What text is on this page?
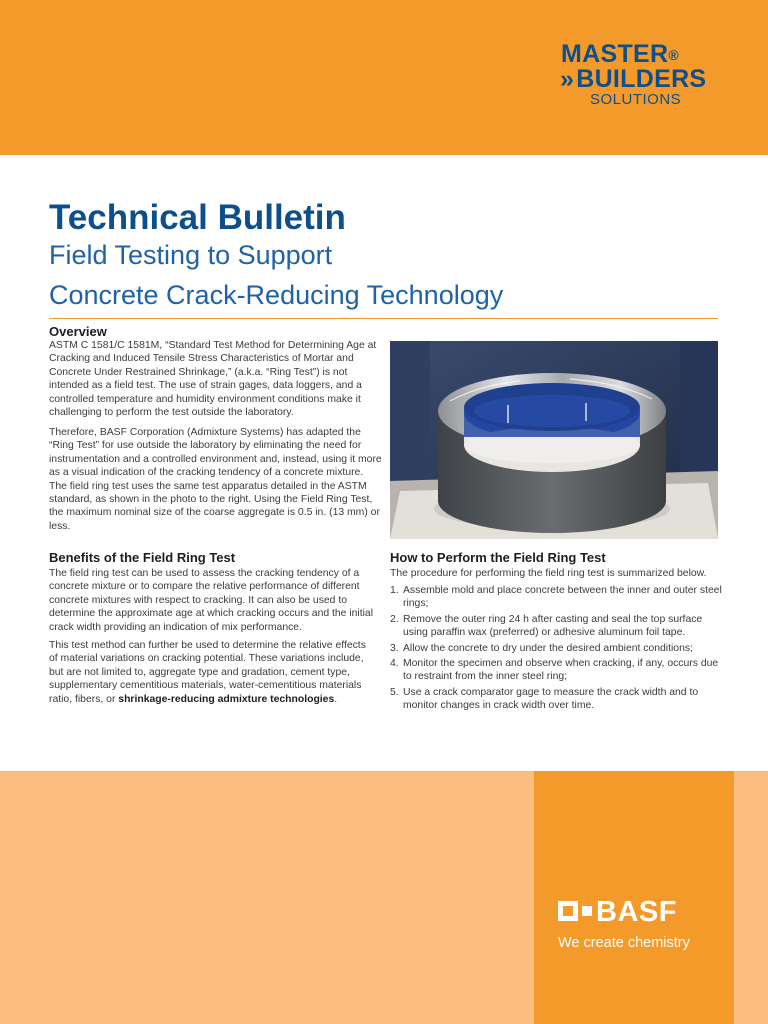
MASTER®
»BUILDERS
SOLUTIONS
Technical Bulletin
Field Testing to Support
Concrete Crack-Reducing Technology
Overview
ASTM C 1581/C 1581M, “Standard Test Method for Determining Age at Cracking and Induced Tensile Stress Characteristics of Mortar and Concrete Under Restrained Shrinkage,” (a.k.a. “Ring Test”) is not intended as a field test. The use of strain gages, data loggers, and a controlled temperature and humidity environment conditions make it challenging to perform the test outside the laboratory.
Therefore, BASF Corporation (Admixture Systems) has adapted the “Ring Test” for use outside the laboratory by eliminating the need for instrumentation and a controlled environment and, instead, using it more as a visual indication of the cracking tendency of a concrete mixture. The field ring test uses the same test apparatus detailed in the ASTM standard, as shown in the photo to the right. Using the Field Ring Test, the maximum nominal size of the coarse aggregate is 0.5 in. (13 mm) or less.
Benefits of the Field Ring Test
The field ring test can be used to assess the cracking tendency of a concrete mixture or to compare the relative performance of different concrete mixtures with respect to cracking. It can also be used to determine the approximate age at which cracking occurs and the initial crack width providing an indication of mix performance.
This test method can further be used to determine the relative effects of material variations on cracking potential. These variations include, but are not limited to, aggregate type and gradation, cement type, supplementary cementitious materials, water-cementitious materials ratio, fibers, or shrinkage-reducing admixture technologies.
How to Perform the Field Ring Test
The procedure for performing the field ring test is summarized below.
1. Assemble mold and place concrete between the inner and outer steel rings;
2. Remove the outer ring 24 h after casting and seal the top surface using paraffin wax (preferred) or adhesive aluminum foil tape.
3. Allow the concrete to dry under the desired ambient conditions;
4. Monitor the specimen and observe when cracking, if any, occurs due to restraint from the inner steel ring;
5. Use a crack comparator gage to measure the crack width and to monitor changes in crack width over time.
BASF
We create chemistry
